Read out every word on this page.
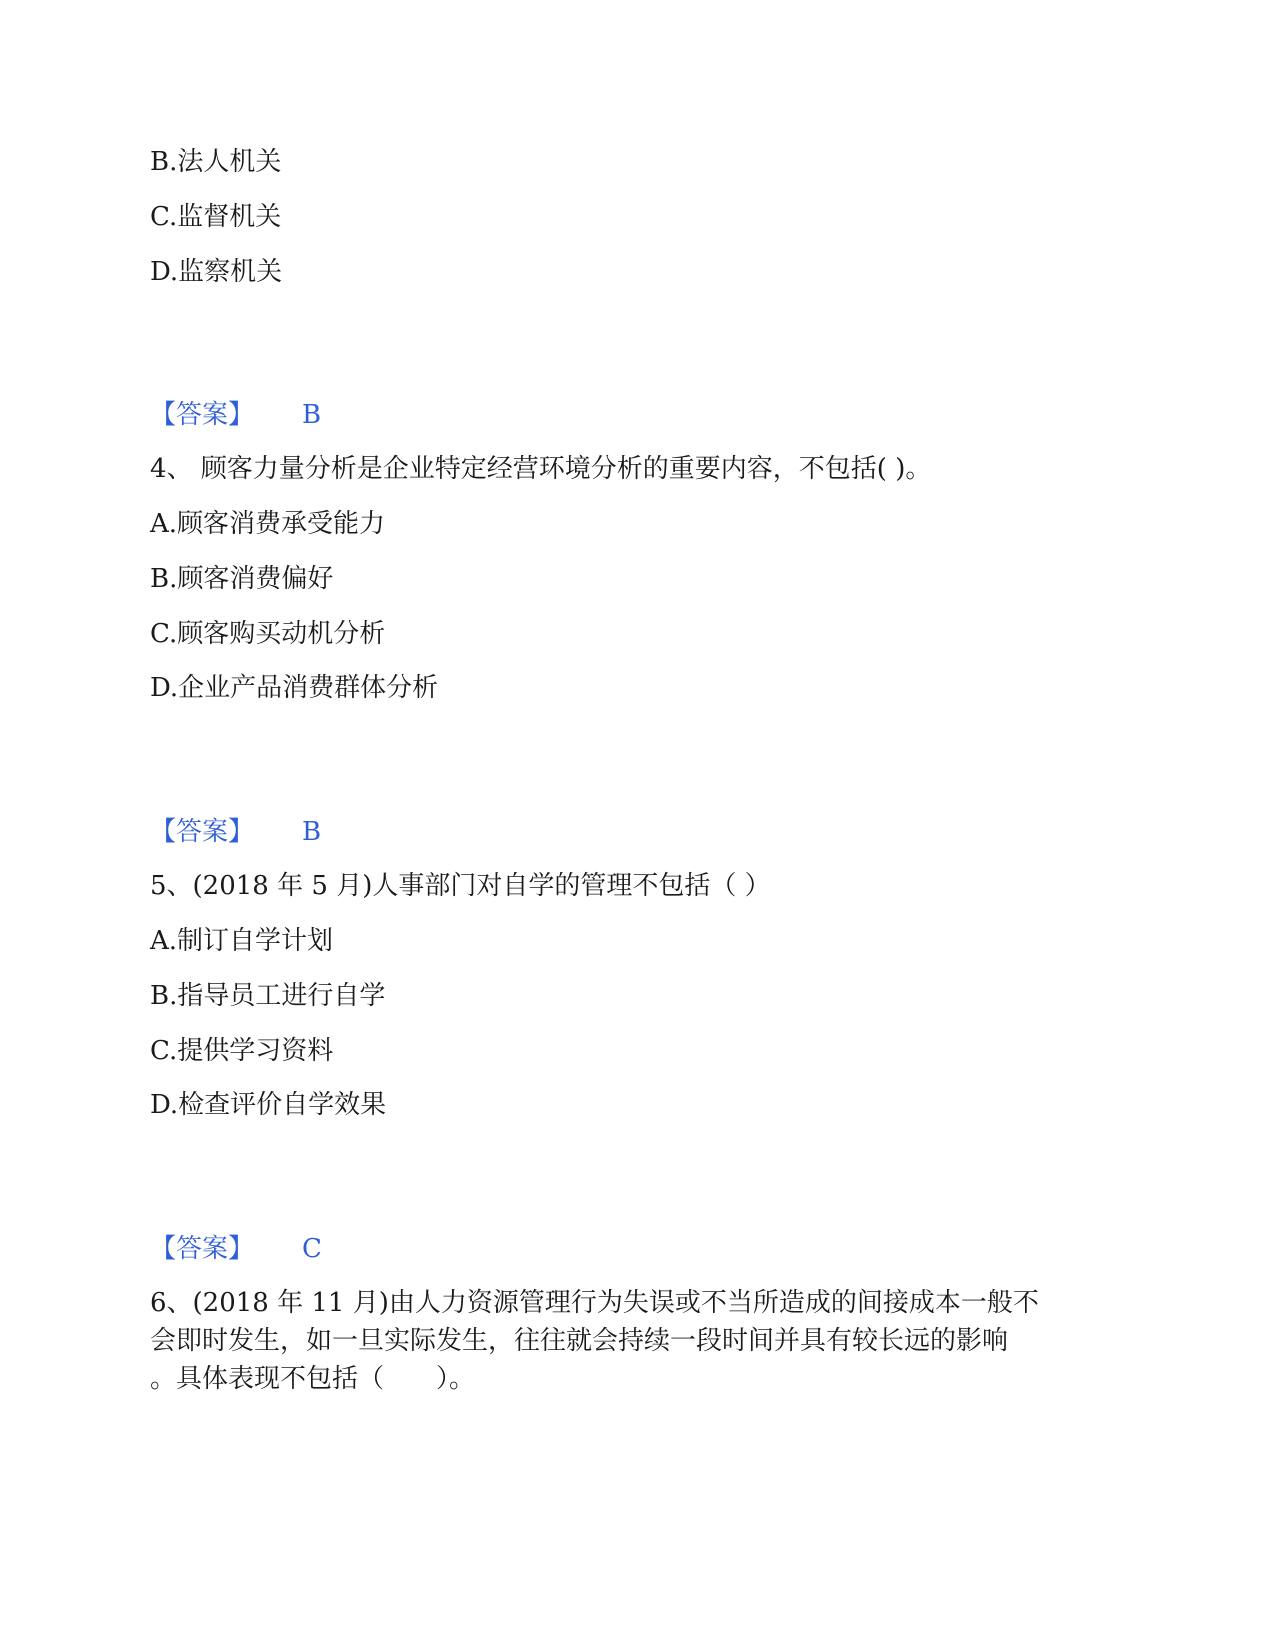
B.法人机关
C.监督机关
D.监察机关
【答案】 B
4、 顾客力量分析是企业特定经营环境分析的重要内容，不包括( )。
A.顾客消费承受能力
B.顾客消费偏好
C.顾客购买动机分析
D.企业产品消费群体分析
【答案】 B
5、(2018 年 5 月)人事部门对自学的管理不包括（ ）
A.制订自学计划
B.指导员工进行自学
C.提供学习资料
D.检查评价自学效果
【答案】 C
6、(2018 年 11 月)由人力资源管理行为失误或不当所造成的间接成本一般不
会即时发生，如一旦实际发生，往往就会持续一段时间并具有较长远的影响
。具体表现不包括（　　）。
